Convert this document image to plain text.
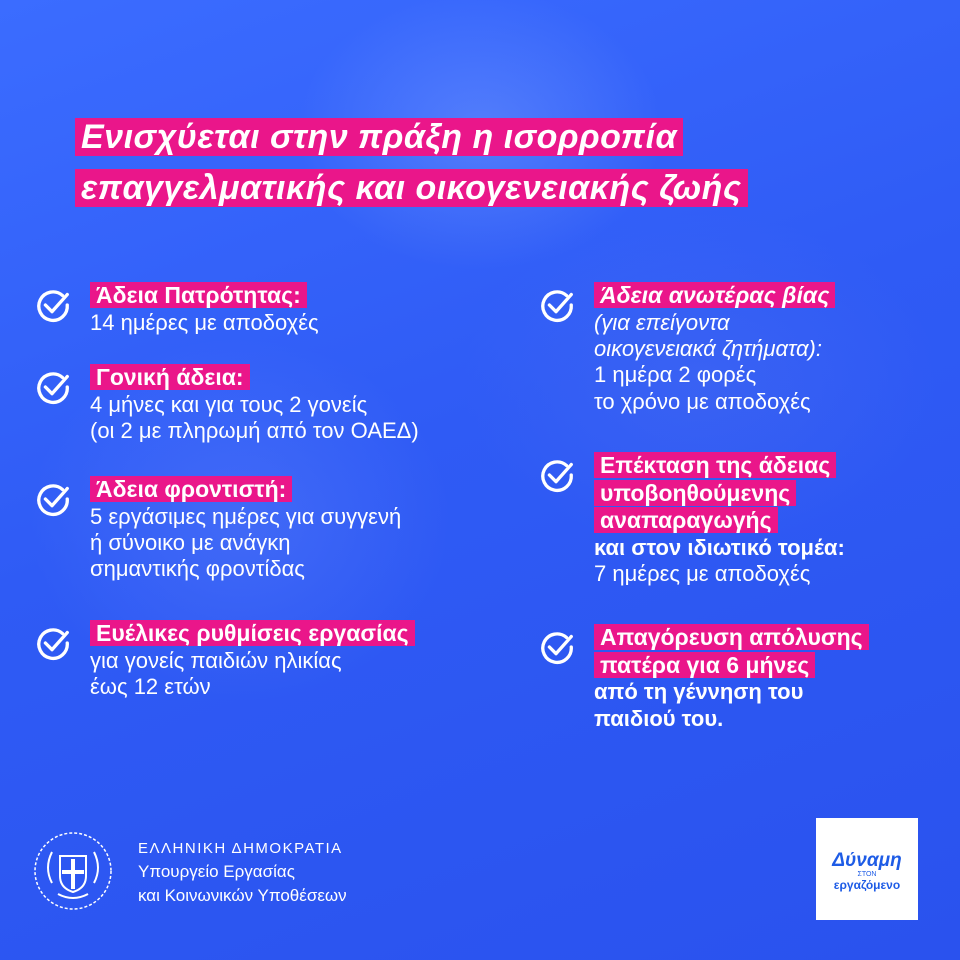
Ενισχύεται στην πράξη η ισορροπία
επαγγελματικής και οικογενειακής ζωής
Άδεια Πατρότητας:
14 ημέρες με αποδοχές
Γονική άδεια:
4 μήνες και για τους 2 γονείς
(οι 2 με πληρωμή από τον ΟΑΕΔ)
Άδεια φροντιστή:
5 εργάσιμες ημέρες για συγγενή
ή σύνοικο με ανάγκη
σημαντικής φροντίδας
Ευέλικες ρυθμίσεις εργασίας
για γονείς παιδιών ηλικίας
έως 12 ετών
Άδεια ανωτέρας βίας
(για επείγοντα
οικογενειακά ζητήματα):
1 ημέρα 2 φορές
το χρόνο με αποδοχές
Επέκταση της άδειας
υποβοηθούμενης
αναπαραγωγής
και στον ιδιωτικό τομέα:
7 ημέρες με αποδοχές
Απαγόρευση απόλυσης
πατέρα για 6 μήνες
από τη γέννηση του
παιδιού του.
ΕΛΛΗΝΙΚΗ ΔΗΜΟΚΡΑΤΙΑ
Υπουργείο Εργασίας
και Κοινωνικών Υποθέσεων
Δύναμη
ΣΤΟΝ
εργαζόμενο
